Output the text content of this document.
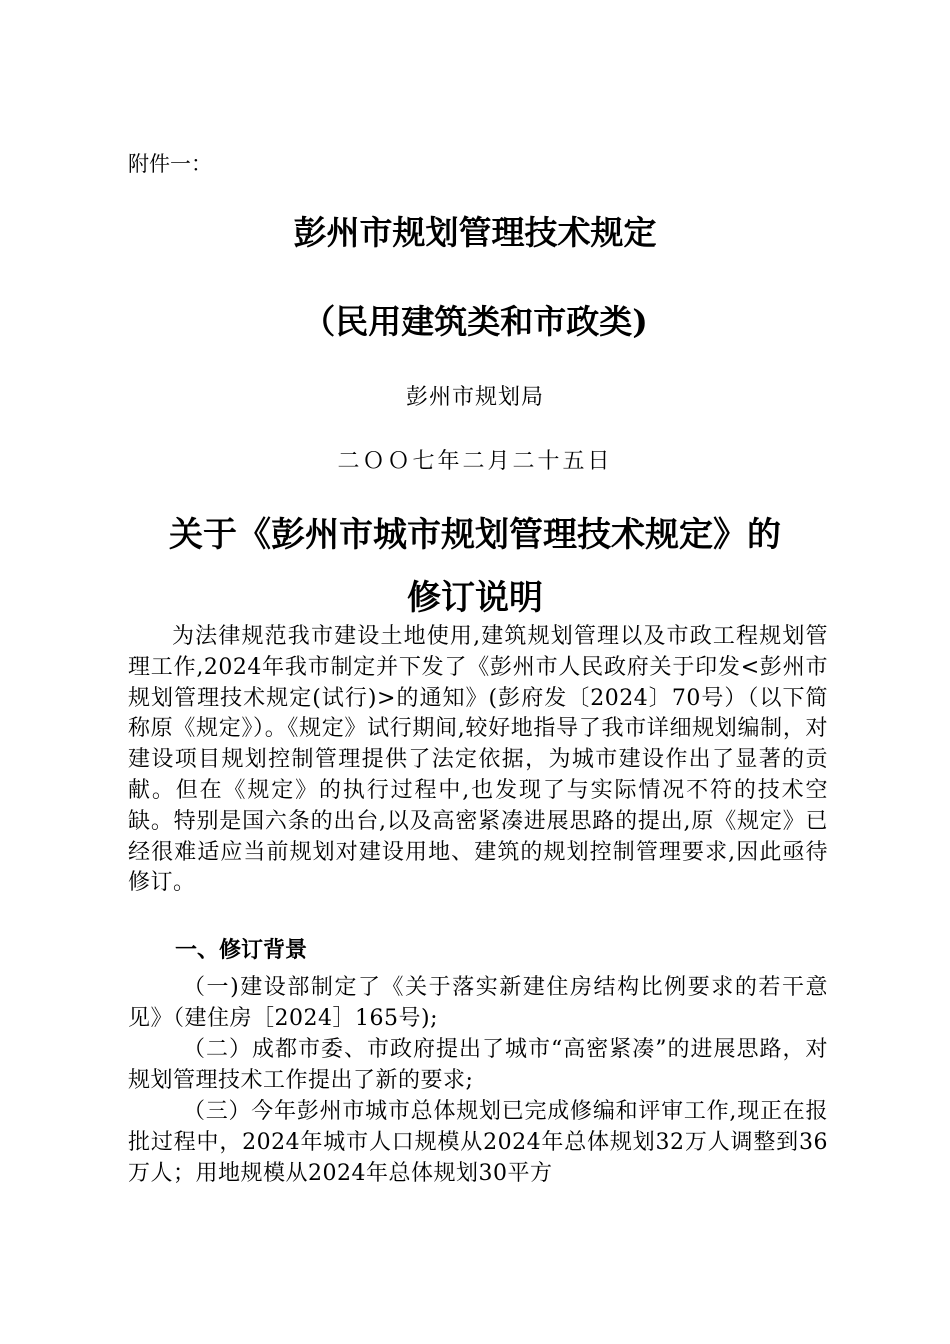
附件一：
彭州市规划管理技术规定
（民用建筑类和市政类)
彭州市规划局
二ＯＯ七年二月二十五日
关于《彭州市城市规划管理技术规定》的
修订说明

为法律规范我市建设土地使用,建筑规划管理以及市政工程规划管理工作,2024年我市制定并下发了《彭州市人民政府关于印发<彭州市规划管理技术规定(试行)>的通知》(彭府发〔2024〕70号）（以下简称原《规定》）。《规定》试行期间,较好地指导了我市详细规划编制，对建设项目规划控制管理提供了法定依据，为城市建设作出了显著的贡献。但在《规定》的执行过程中,也发现了与实际情况不符的技术空缺。特别是国六条的出台,以及高密紧凑进展思路的提出,原《规定》已经很难适应当前规划对建设用地、建筑的规划控制管理要求,因此亟待修订。

一、修订背景

（一)建设部制定了《关于落实新建住房结构比例要求的若干意见》（建住房［2024］165号);

（二）成都市委、市政府提出了城市“高密紧凑”的进展思路，对规划管理技术工作提出了新的要求;

（三）今年彭州市城市总体规划已完成修编和评审工作,现正在报批过程中，2024年城市人口规模从2024年总体规划32万人调整到36万人；用地规模从2024年总体规划30平方
